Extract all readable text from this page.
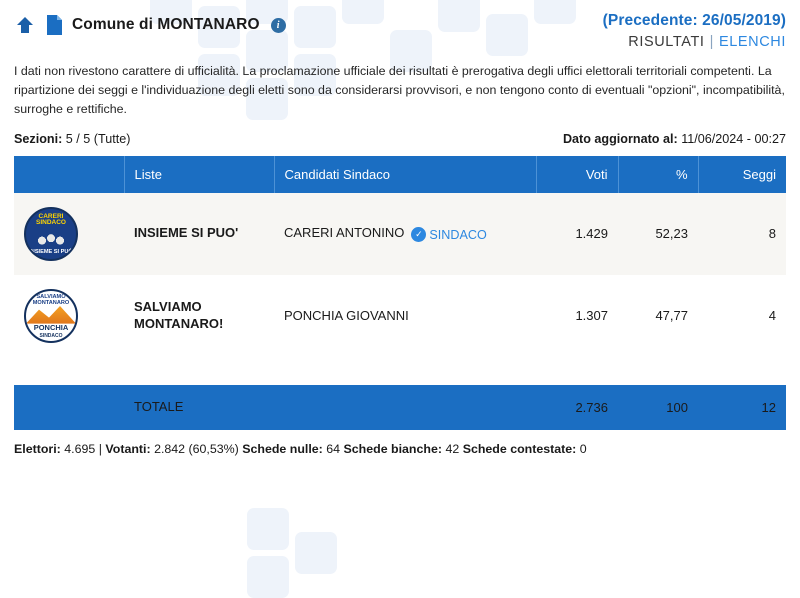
Comune di MONTANARO	i	(Precedente: 26/05/2019)
RISULTATI | ELENCHI
I dati non rivestono carattere di ufficialità. La proclamazione ufficiale dei risultati è prerogativa degli uffici elettorali territoriali competenti. La ripartizione dei seggi e l'individuazione degli eletti sono da considerarsi provvisori, e non tengono conto di eventuali "opzioni", incompatibilità, surroghe e rettifiche.
Sezioni: 5 / 5 (Tutte)	Dato aggiornato al: 11/06/2024 - 00:27
	Liste	Candidati Sindaco	Voti	%	Seggi

CARERI SINDACO
INSIEME SI PUÒ	INSIEME SI PUO'	CARERI ANTONINO ✓ SINDACO	1.429	52,23	8

SALVIAMO MONTANARO
PONCHIA
SINDACO	SALVIAMO MONTANARO!	PONCHIA GIOVANNI	1.307	47,77	4

	TOTALE		2.736	100	12
Elettori: 4.695 | Votanti: 2.842 (60,53%) Schede nulle: 64 Schede bianche: 42 Schede contestate: 0
